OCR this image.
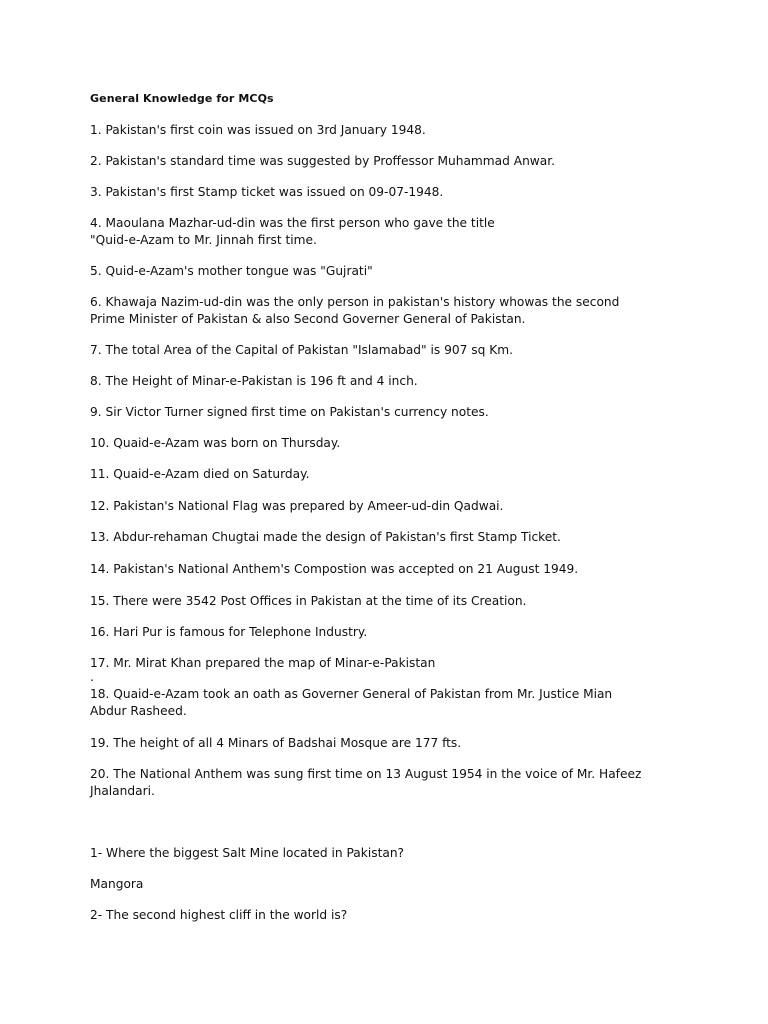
General Knowledge for MCQs

1. Pakistan's first coin was issued on 3rd January 1948.

2. Pakistan's standard time was suggested by Proffessor Muhammad Anwar.

3. Pakistan's first Stamp ticket was issued on 09-07-1948.

4. Maoulana Mazhar-ud-din was the first person who gave the title

"Quid-e-Azam to Mr. Jinnah first time.

5. Quid-e-Azam's mother tongue was "Gujrati"

6. Khawaja Nazim-ud-din was the only person in pakistan's history whowas the second

Prime Minister of Pakistan & also Second Governer General of Pakistan.

7. The total Area of the Capital of Pakistan "Islamabad" is 907 sq Km.

8. The Height of Minar-e-Pakistan is 196 ft and 4 inch.

9. Sir Victor Turner signed first time on Pakistan's currency notes.

10. Quaid-e-Azam was born on Thursday.

11. Quaid-e-Azam died on Saturday.

12. Pakistan's National Flag was prepared by Ameer-ud-din Qadwai.

13. Abdur-rehaman Chugtai made the design of Pakistan's first Stamp Ticket.

14. Pakistan's National Anthem's Compostion was accepted on 21 August 1949.

15. There were 3542 Post Offices in Pakistan at the time of its Creation.

16. Hari Pur is famous for Telephone Industry.

17. Mr. Mirat Khan prepared the map of Minar-e-Pakistan

.

18. Quaid-e-Azam took an oath as Governer General of Pakistan from Mr. Justice Mian

Abdur Rasheed.

19. The height of all 4 Minars of Badshai Mosque are 177 fts.

20. The National Anthem was sung first time on 13 August 1954 in the voice of Mr. Hafeez

Jhalandari.

1- Where the biggest Salt Mine located in Pakistan?

Mangora

2- The second highest cliff in the world is?
